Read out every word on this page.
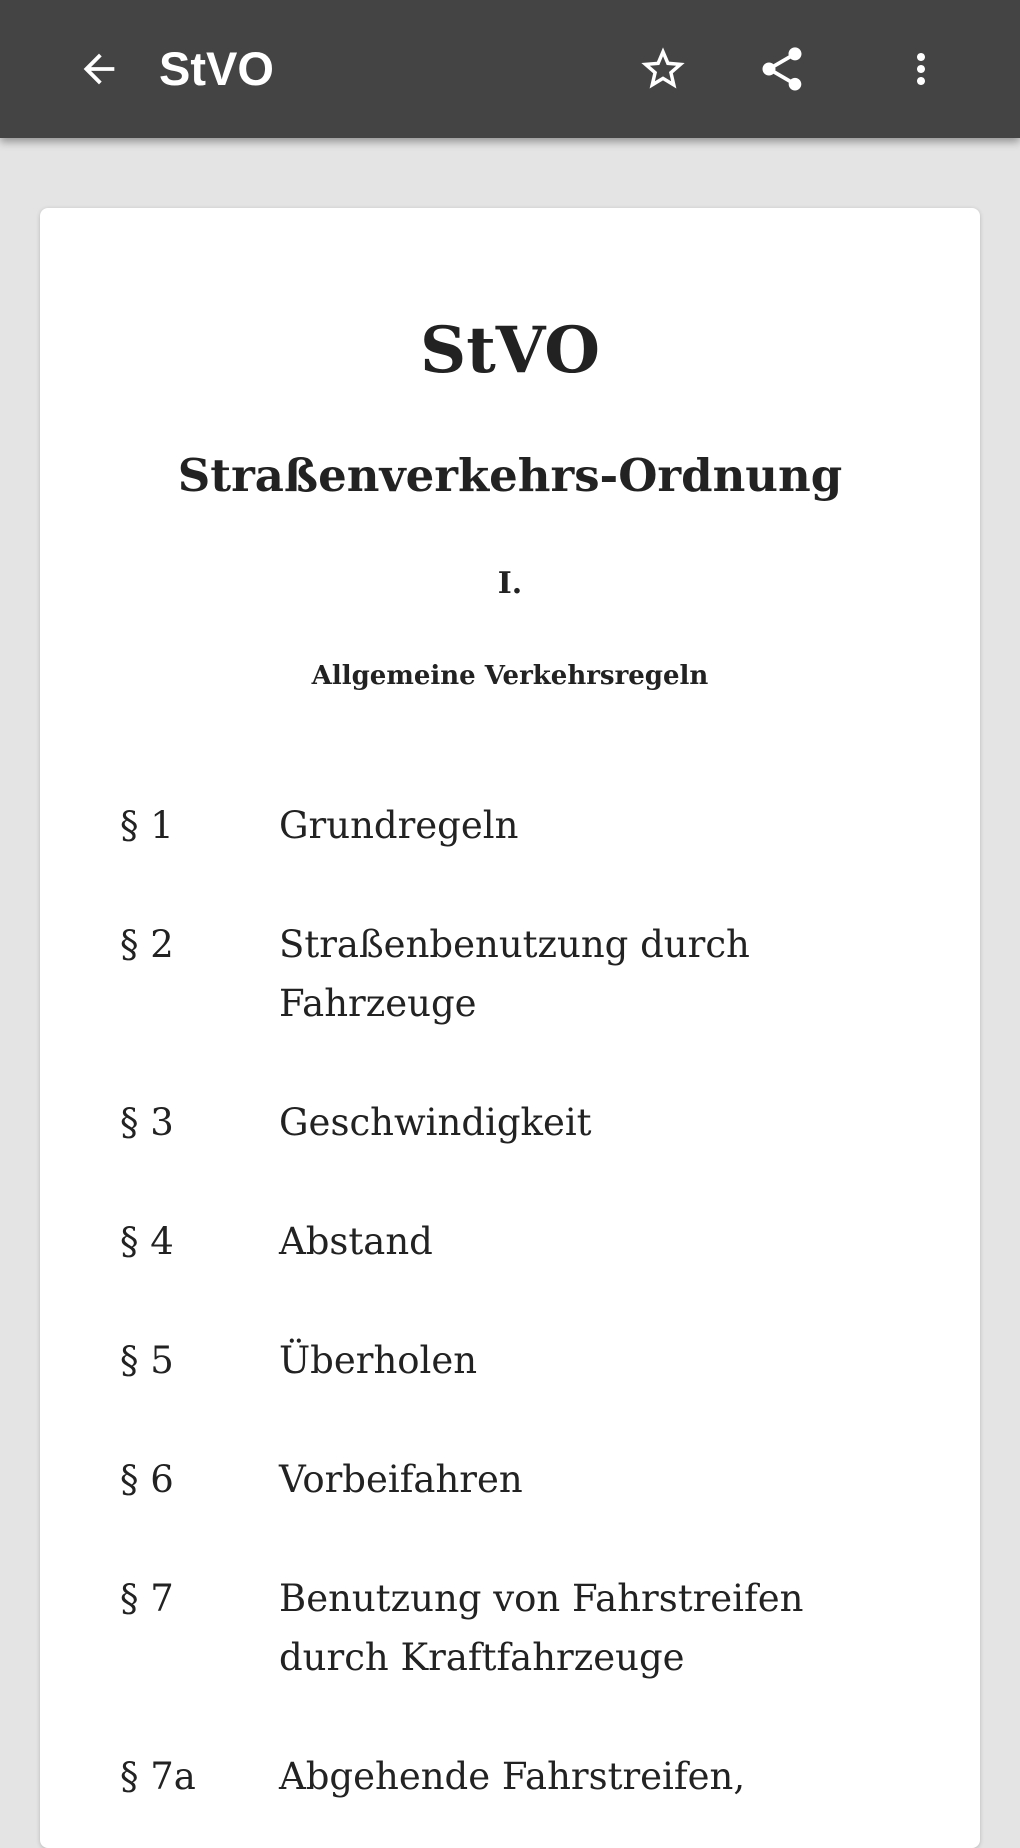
StVO
StVO
Straßenverkehrs-Ordnung
I.
Allgemeine Verkehrsregeln
§ 1	Grundregeln
§ 2	Straßenbenutzung durch Fahrzeuge
§ 3	Geschwindigkeit
§ 4	Abstand
§ 5	Überholen
§ 6	Vorbeifahren
§ 7	Benutzung von Fahrstreifen durch Kraftfahrzeuge
§ 7a	Abgehende Fahrstreifen,
